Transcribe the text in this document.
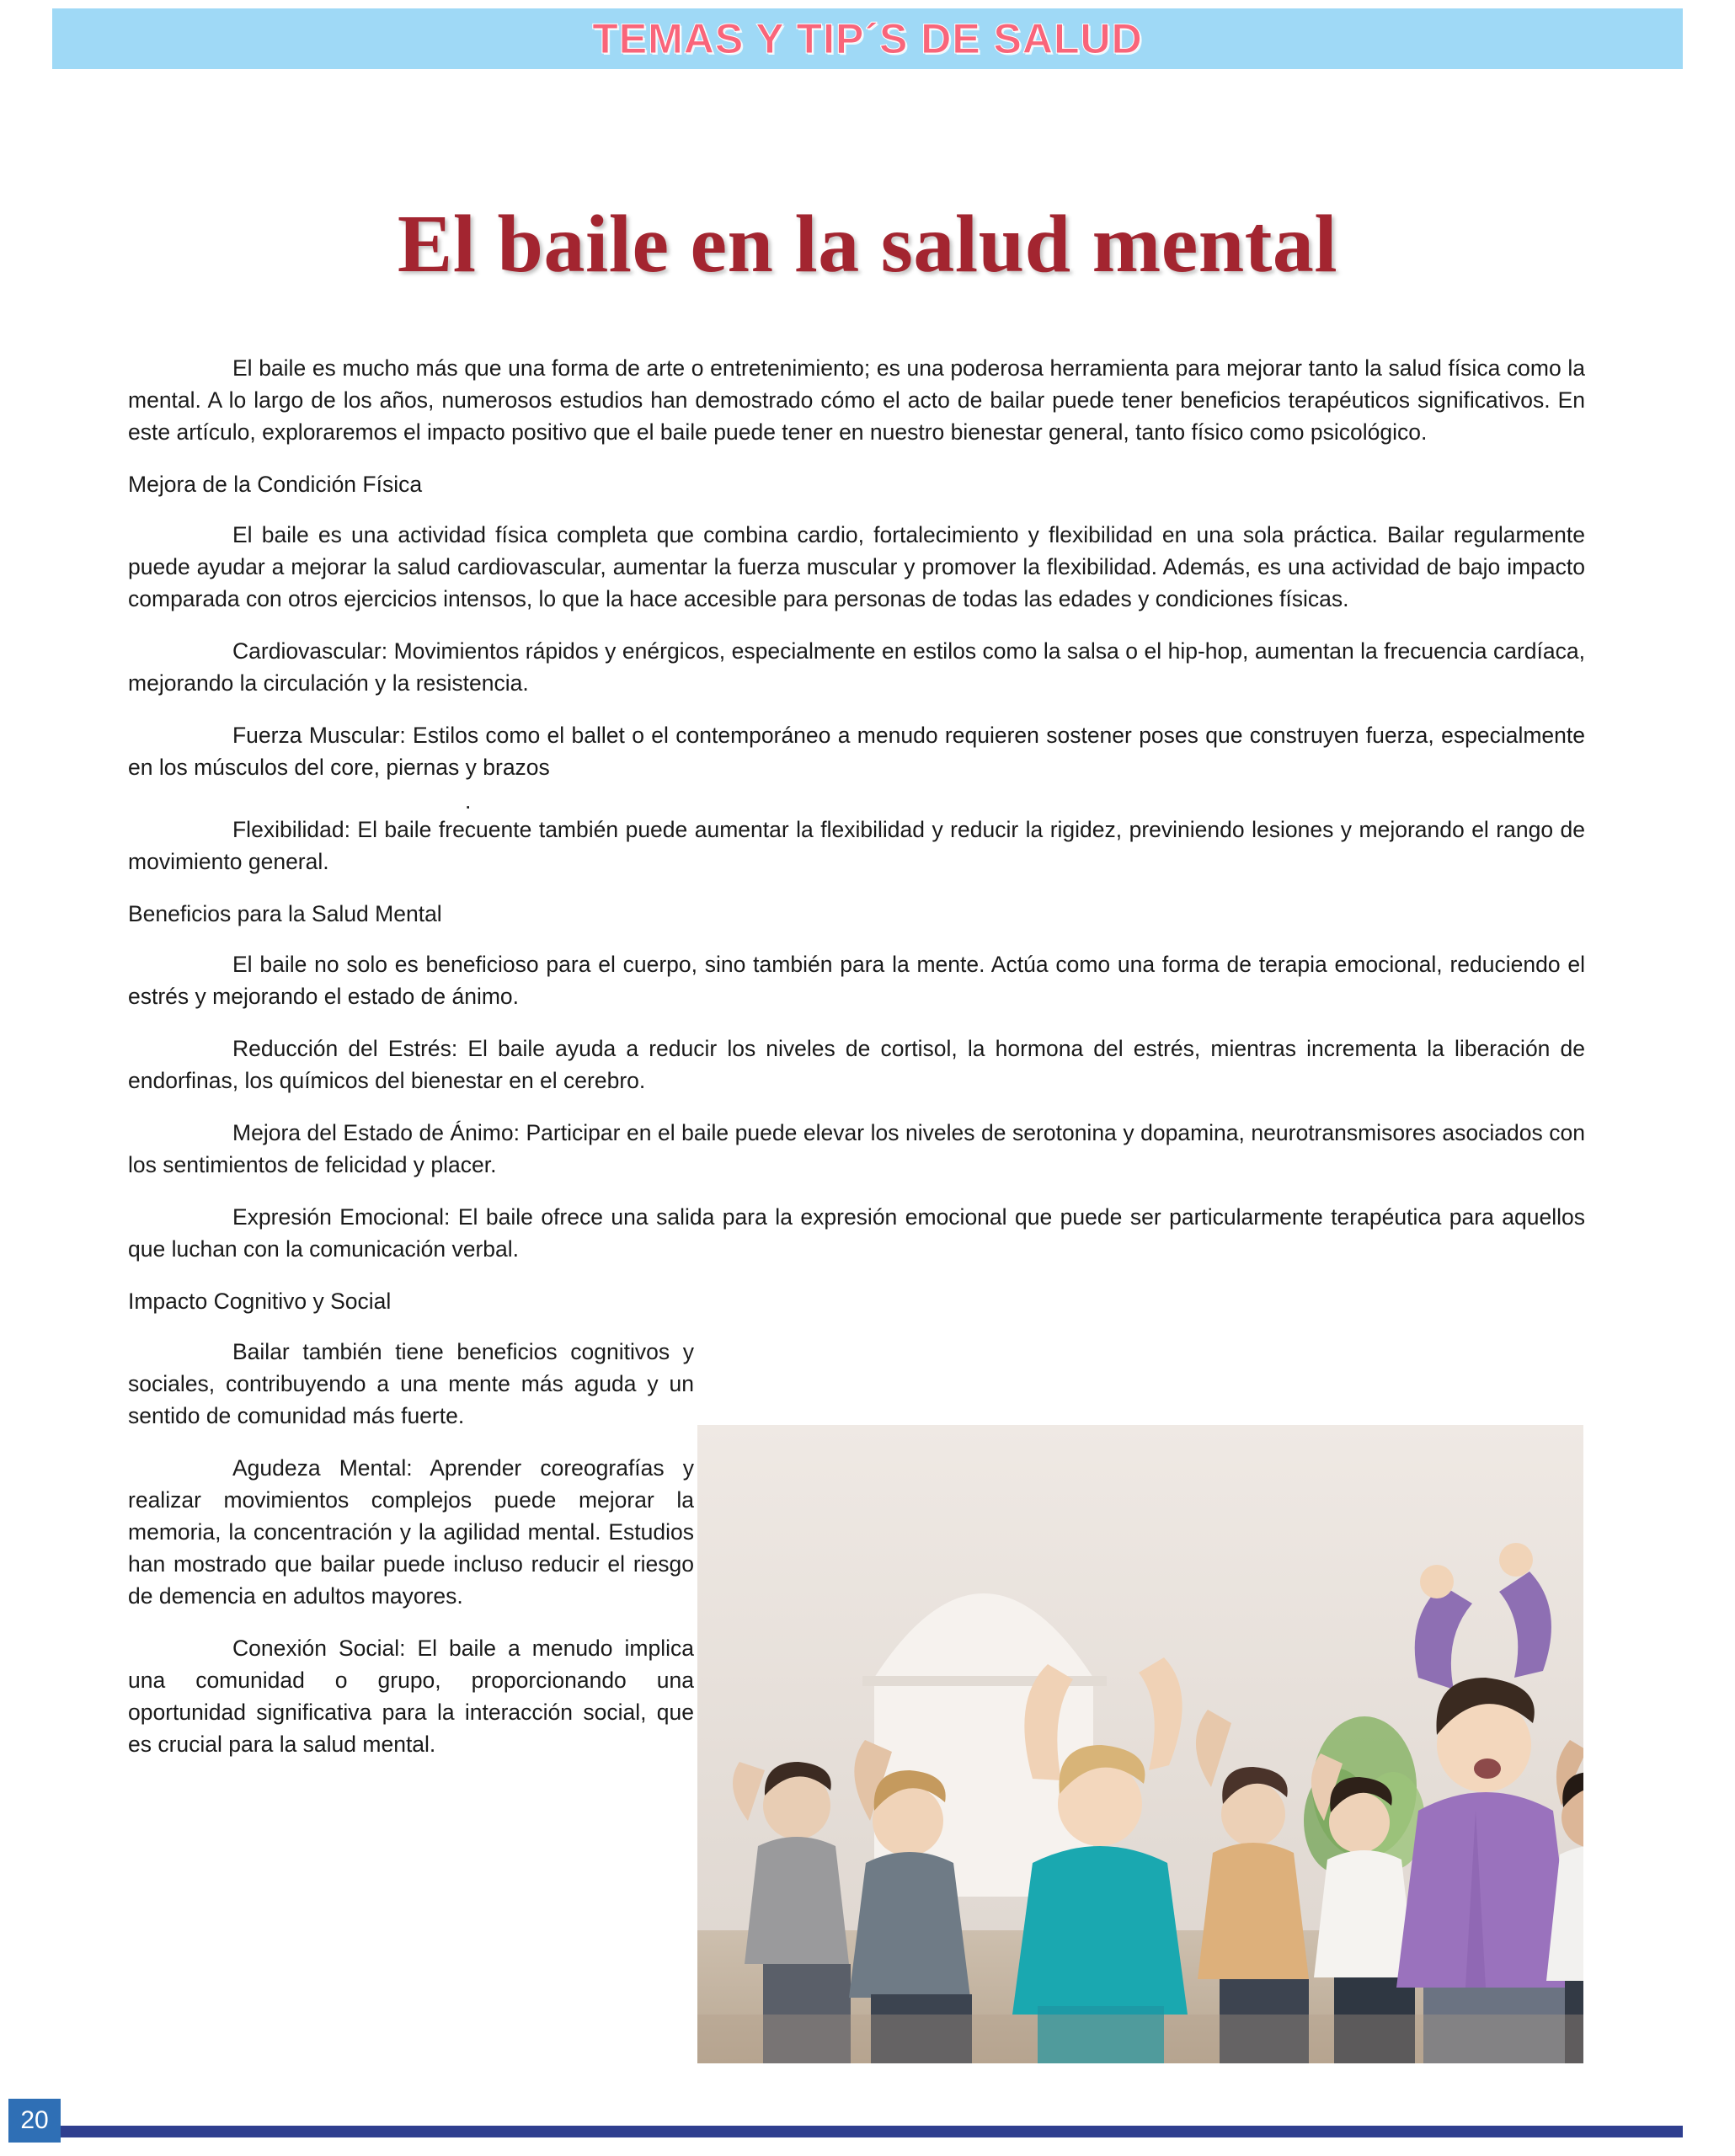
TEMAS Y TIP´S DE SALUD
El baile en la salud mental

El baile es mucho más que una forma de arte o entretenimiento; es una poderosa herramienta para mejorar tanto la salud física como la mental. A lo largo de los años, numerosos estudios han demostrado cómo el acto de bailar puede tener beneficios terapéuticos significativos. En este artículo, exploraremos el impacto positivo que el baile puede tener en nuestro bienestar general, tanto físico como psicológico.

Mejora de la Condición Física

El baile es una actividad física completa que combina cardio, fortalecimiento y flexibilidad en una sola práctica. Bailar regularmente puede ayudar a mejorar la salud cardiovascular, aumentar la fuerza muscular y promover la flexibilidad. Además, es una actividad de bajo impacto comparada con otros ejercicios intensos, lo que la hace accesible para personas de todas las edades y condiciones físicas.

Cardiovascular: Movimientos rápidos y enérgicos, especialmente en estilos como la salsa o el hip-hop, aumentan la frecuencia cardíaca, mejorando la circulación y la resistencia.

Fuerza Muscular: Estilos como el ballet o el contemporáneo a menudo requieren sostener poses que construyen fuerza, especialmente en los músculos del core, piernas y brazos

.

Flexibilidad: El baile frecuente también puede aumentar la flexibilidad y reducir la rigidez, previniendo lesiones y mejorando el rango de movimiento general.

Beneficios para la Salud Mental

El baile no solo es beneficioso para el cuerpo, sino también para la mente. Actúa como una forma de terapia emocional, reduciendo el estrés y mejorando el estado de ánimo.

Reducción del Estrés: El baile ayuda a reducir los niveles de cortisol, la hormona del estrés, mientras incrementa la liberación de endorfinas, los químicos del bienestar en el cerebro.

Mejora del Estado de Ánimo: Participar en el baile puede elevar los niveles de serotonina y dopamina, neurotransmisores asociados con los sentimientos de felicidad y placer.

Expresión Emocional: El baile ofrece una salida para la expresión emocional que puede ser particularmente terapéutica para aquellos que luchan con la comunicación verbal.

Impacto Cognitivo y Social

Bailar también tiene beneficios cognitivos y sociales, contribuyendo a una mente más aguda y un sentido de comunidad más fuerte.

Agudeza Mental: Aprender coreografías y realizar movimientos complejos puede mejorar la memoria, la concentración y la agilidad mental. Estudios han mostrado que bailar puede incluso reducir el riesgo de demencia en adultos mayores.

Conexión Social: El baile a menudo implica una comunidad o grupo, proporcionando una oportunidad significativa para la interacción social, que es crucial para la salud mental.

20
